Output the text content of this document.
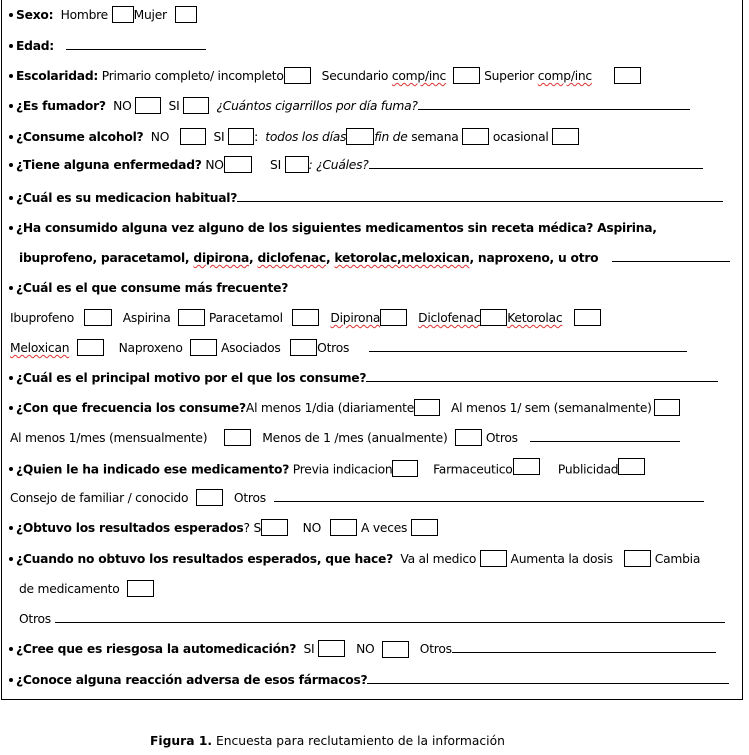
Sexo: Hombre Mujer
Edad:
Escolaridad: Primario completo/ incompleto	Secundario comp/inc	Superior comp/inc
¿Es fumador? NO	SI	¿Cuántos cigarrillos por día fuma?
¿Consume alcohol? NO	SI : todos los días fin de semana	ocasional
¿Tiene alguna enfermedad? NO	SI : ¿Cuáles?
¿Cuál es su medicacion habitual?
¿Ha consumido alguna vez alguno de los siguientes medicamentos sin receta médica? Aspirina,
ibuprofeno, paracetamol, dipirona, diclofenac, ketorolac,meloxican, naproxeno, u otro
¿Cuál es el que consume más frecuente?
Ibuprofeno	Aspirina	Paracetamol	Dipirona	Diclofenac Ketorolac
Meloxican	Naproxeno	Asociados	Otros
¿Cuál es el principal motivo por el que los consume?
¿Con que frecuencia los consume?Al menos 1/dia (diariamente	Al menos 1/ sem (semanalmente)
Al menos 1/mes (mensualmente)	Menos de 1 /mes (anualmente)	Otros
¿Quien le ha indicado ese medicamento? Previa indicacion	Farmaceutico	Publicidad
Consejo de familiar / conocido	Otros
¿Obtuvo los resultados esperados? S	NO	A veces
¿Cuando no obtuvo los resultados esperados, que hace? Va al medico	Aumenta la dosis	Cambia
de medicamento
Otros
¿Cree que es riesgosa la automedicación? SI	NO	Otros
¿Conoce alguna reacción adversa de esos fármacos?
Figura 1. Encuesta para reclutamiento de la información
